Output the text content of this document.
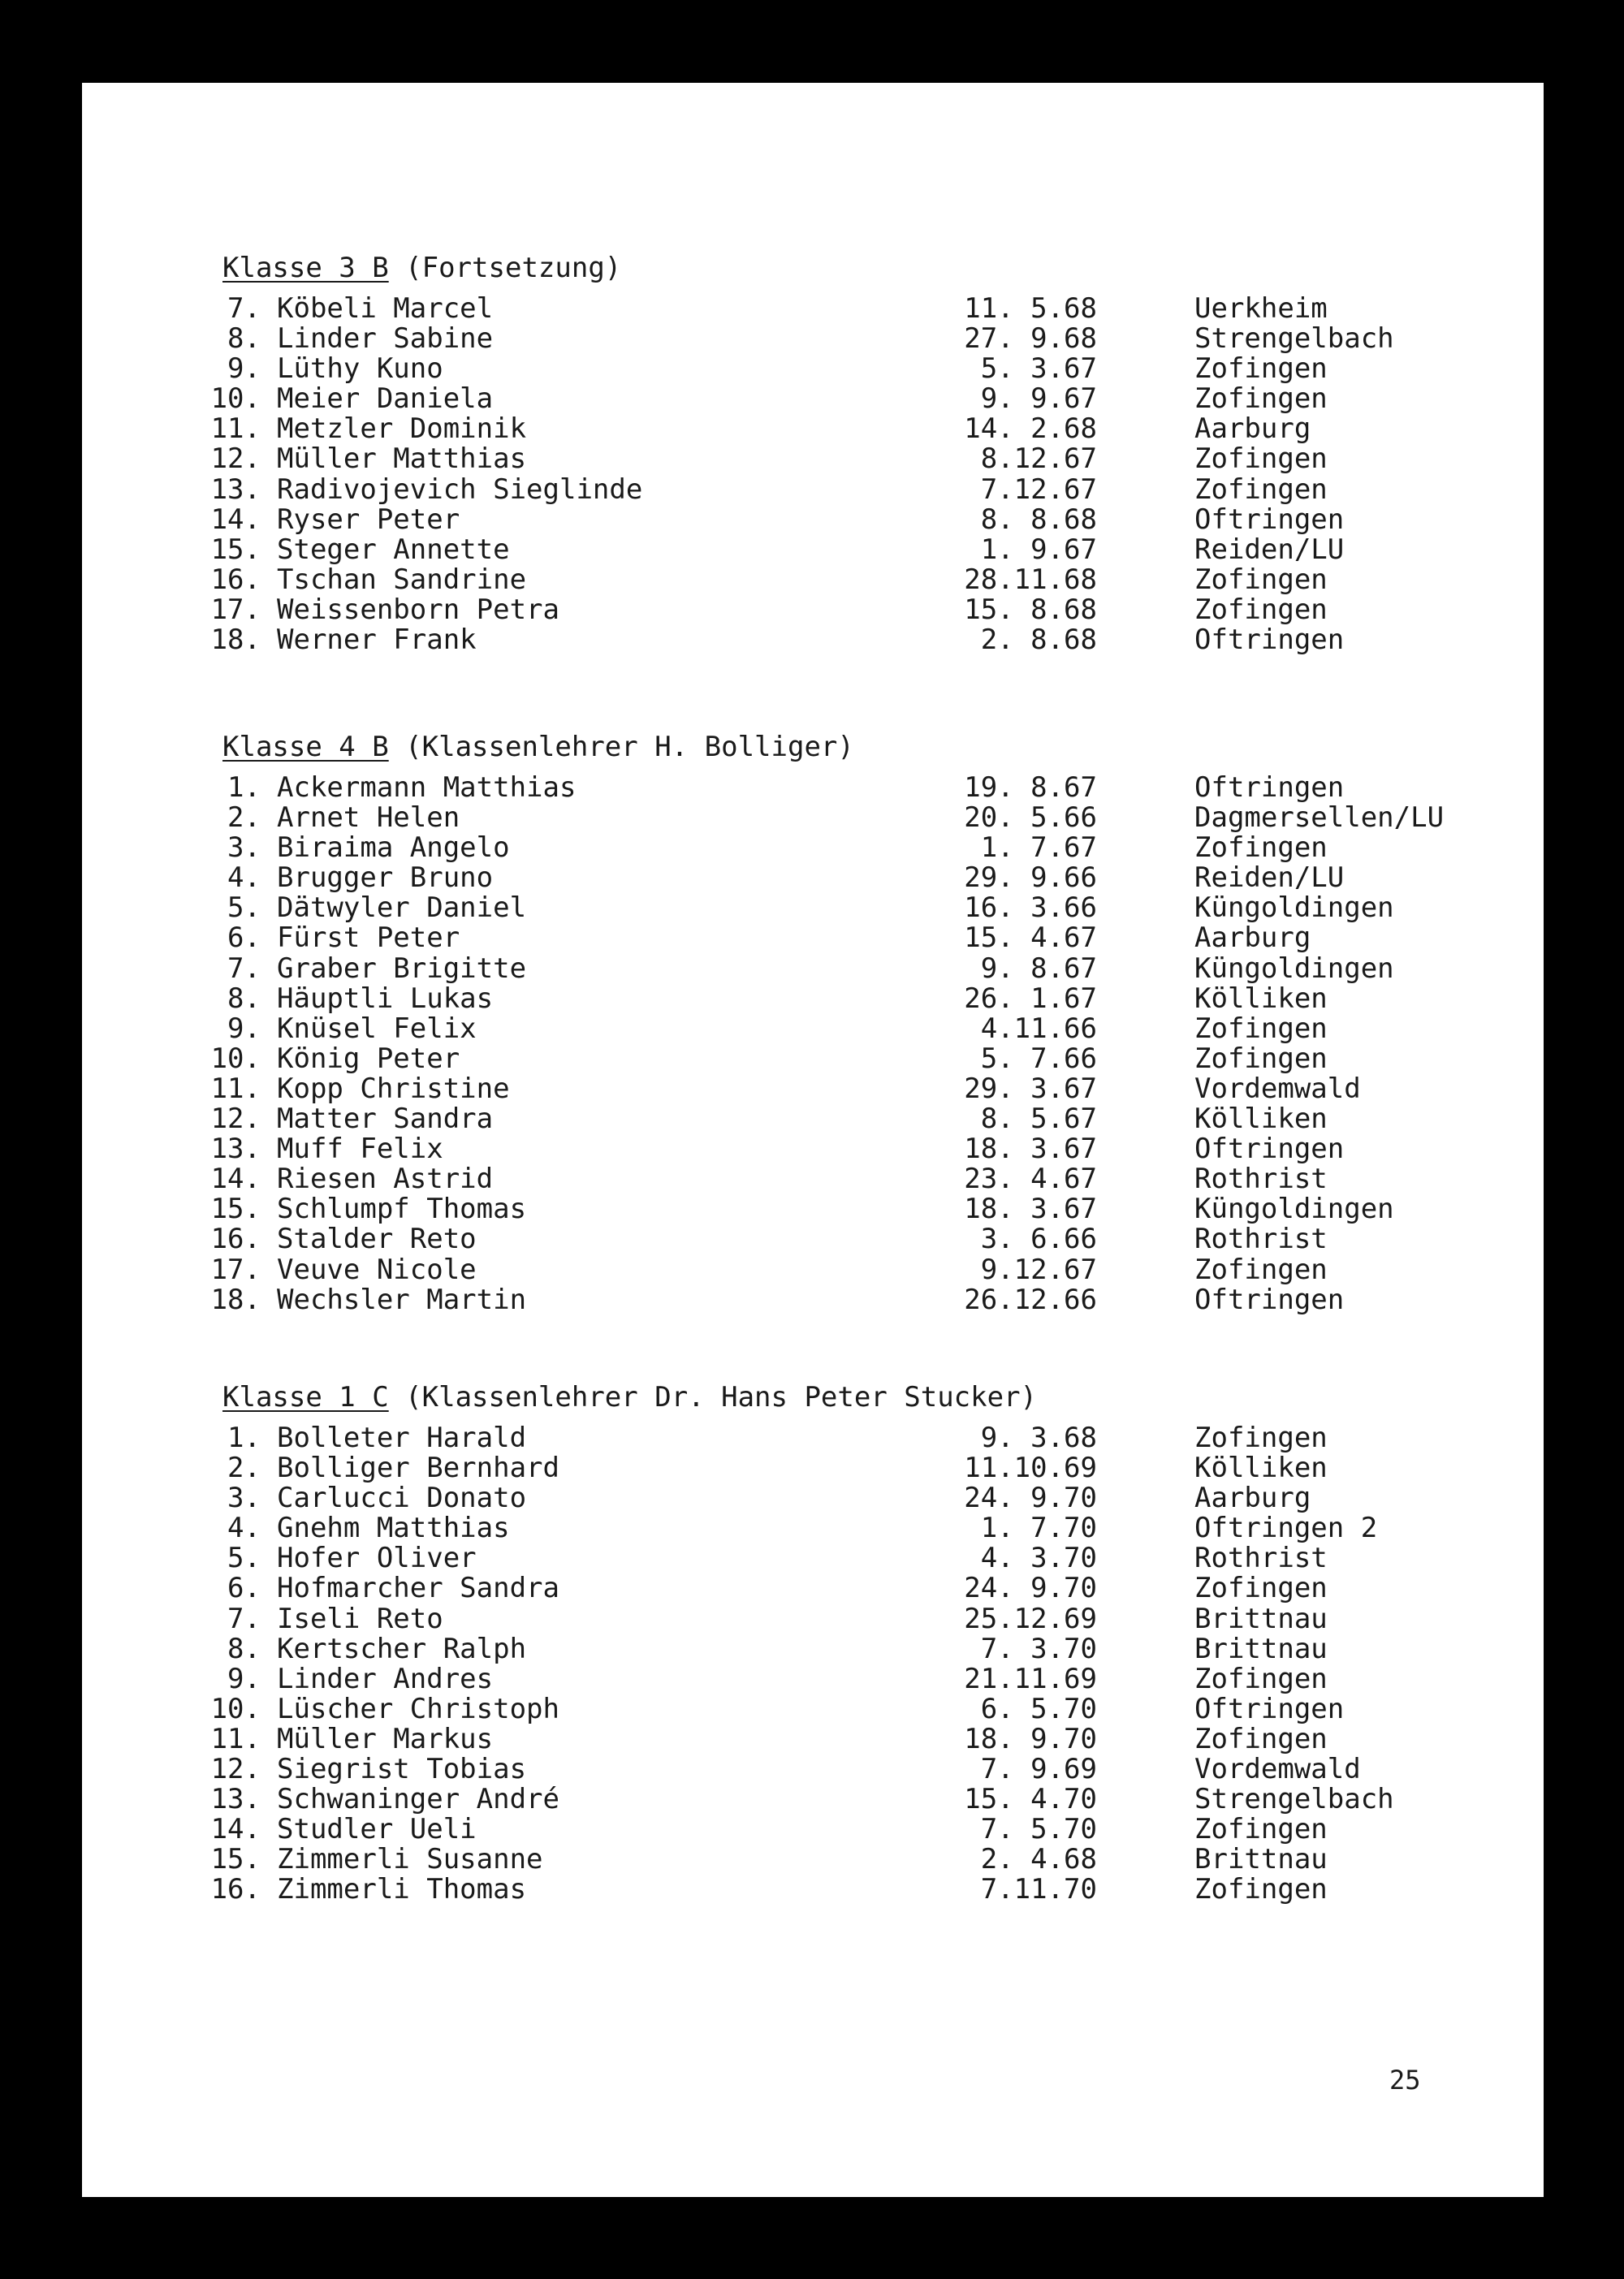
Klasse 3 B (Fortsetzung)
7. Köbeli Marcel	11. 5.68	Uerkheim
8. Linder Sabine	27. 9.68	Strengelbach
9. Lüthy Kuno	5. 3.67	Zofingen
10. Meier Daniela	9. 9.67	Zofingen
11. Metzler Dominik	14. 2.68	Aarburg
12. Müller Matthias	8.12.67	Zofingen
13. Radivojevich Sieglinde	7.12.67	Zofingen
14. Ryser Peter	8. 8.68	Oftringen
15. Steger Annette	1. 9.67	Reiden/LU
16. Tschan Sandrine	28.11.68	Zofingen
17. Weissenborn Petra	15. 8.68	Zofingen
18. Werner Frank	2. 8.68	Oftringen
Klasse 4 B (Klassenlehrer H. Bolliger)
1. Ackermann Matthias	19. 8.67	Oftringen
2. Arnet Helen	20. 5.66	Dagmersellen/LU
3. Biraima Angelo	1. 7.67	Zofingen
4. Brugger Bruno	29. 9.66	Reiden/LU
5. Dätwyler Daniel	16. 3.66	Küngoldingen
6. Fürst Peter	15. 4.67	Aarburg
7. Graber Brigitte	9. 8.67	Küngoldingen
8. Häuptli Lukas	26. 1.67	Kölliken
9. Knüsel Felix	4.11.66	Zofingen
10. König Peter	5. 7.66	Zofingen
11. Kopp Christine	29. 3.67	Vordemwald
12. Matter Sandra	8. 5.67	Kölliken
13. Muff Felix	18. 3.67	Oftringen
14. Riesen Astrid	23. 4.67	Rothrist
15. Schlumpf Thomas	18. 3.67	Küngoldingen
16. Stalder Reto	3. 6.66	Rothrist
17. Veuve Nicole	9.12.67	Zofingen
18. Wechsler Martin	26.12.66	Oftringen
Klasse 1 C (Klassenlehrer Dr. Hans Peter Stucker)
1. Bolleter Harald	9. 3.68	Zofingen
2. Bolliger Bernhard	11.10.69	Kölliken
3. Carlucci Donato	24. 9.70	Aarburg
4. Gnehm Matthias	1. 7.70	Oftringen 2
5. Hofer Oliver	4. 3.70	Rothrist
6. Hofmarcher Sandra	24. 9.70	Zofingen
7. Iseli Reto	25.12.69	Brittnau
8. Kertscher Ralph	7. 3.70	Brittnau
9. Linder Andres	21.11.69	Zofingen
10. Lüscher Christoph	6. 5.70	Oftringen
11. Müller Markus	18. 9.70	Zofingen
12. Siegrist Tobias	7. 9.69	Vordemwald
13. Schwaninger André	15. 4.70	Strengelbach
14. Studler Ueli	7. 5.70	Zofingen
15. Zimmerli Susanne	2. 4.68	Brittnau
16. Zimmerli Thomas	7.11.70	Zofingen
25
